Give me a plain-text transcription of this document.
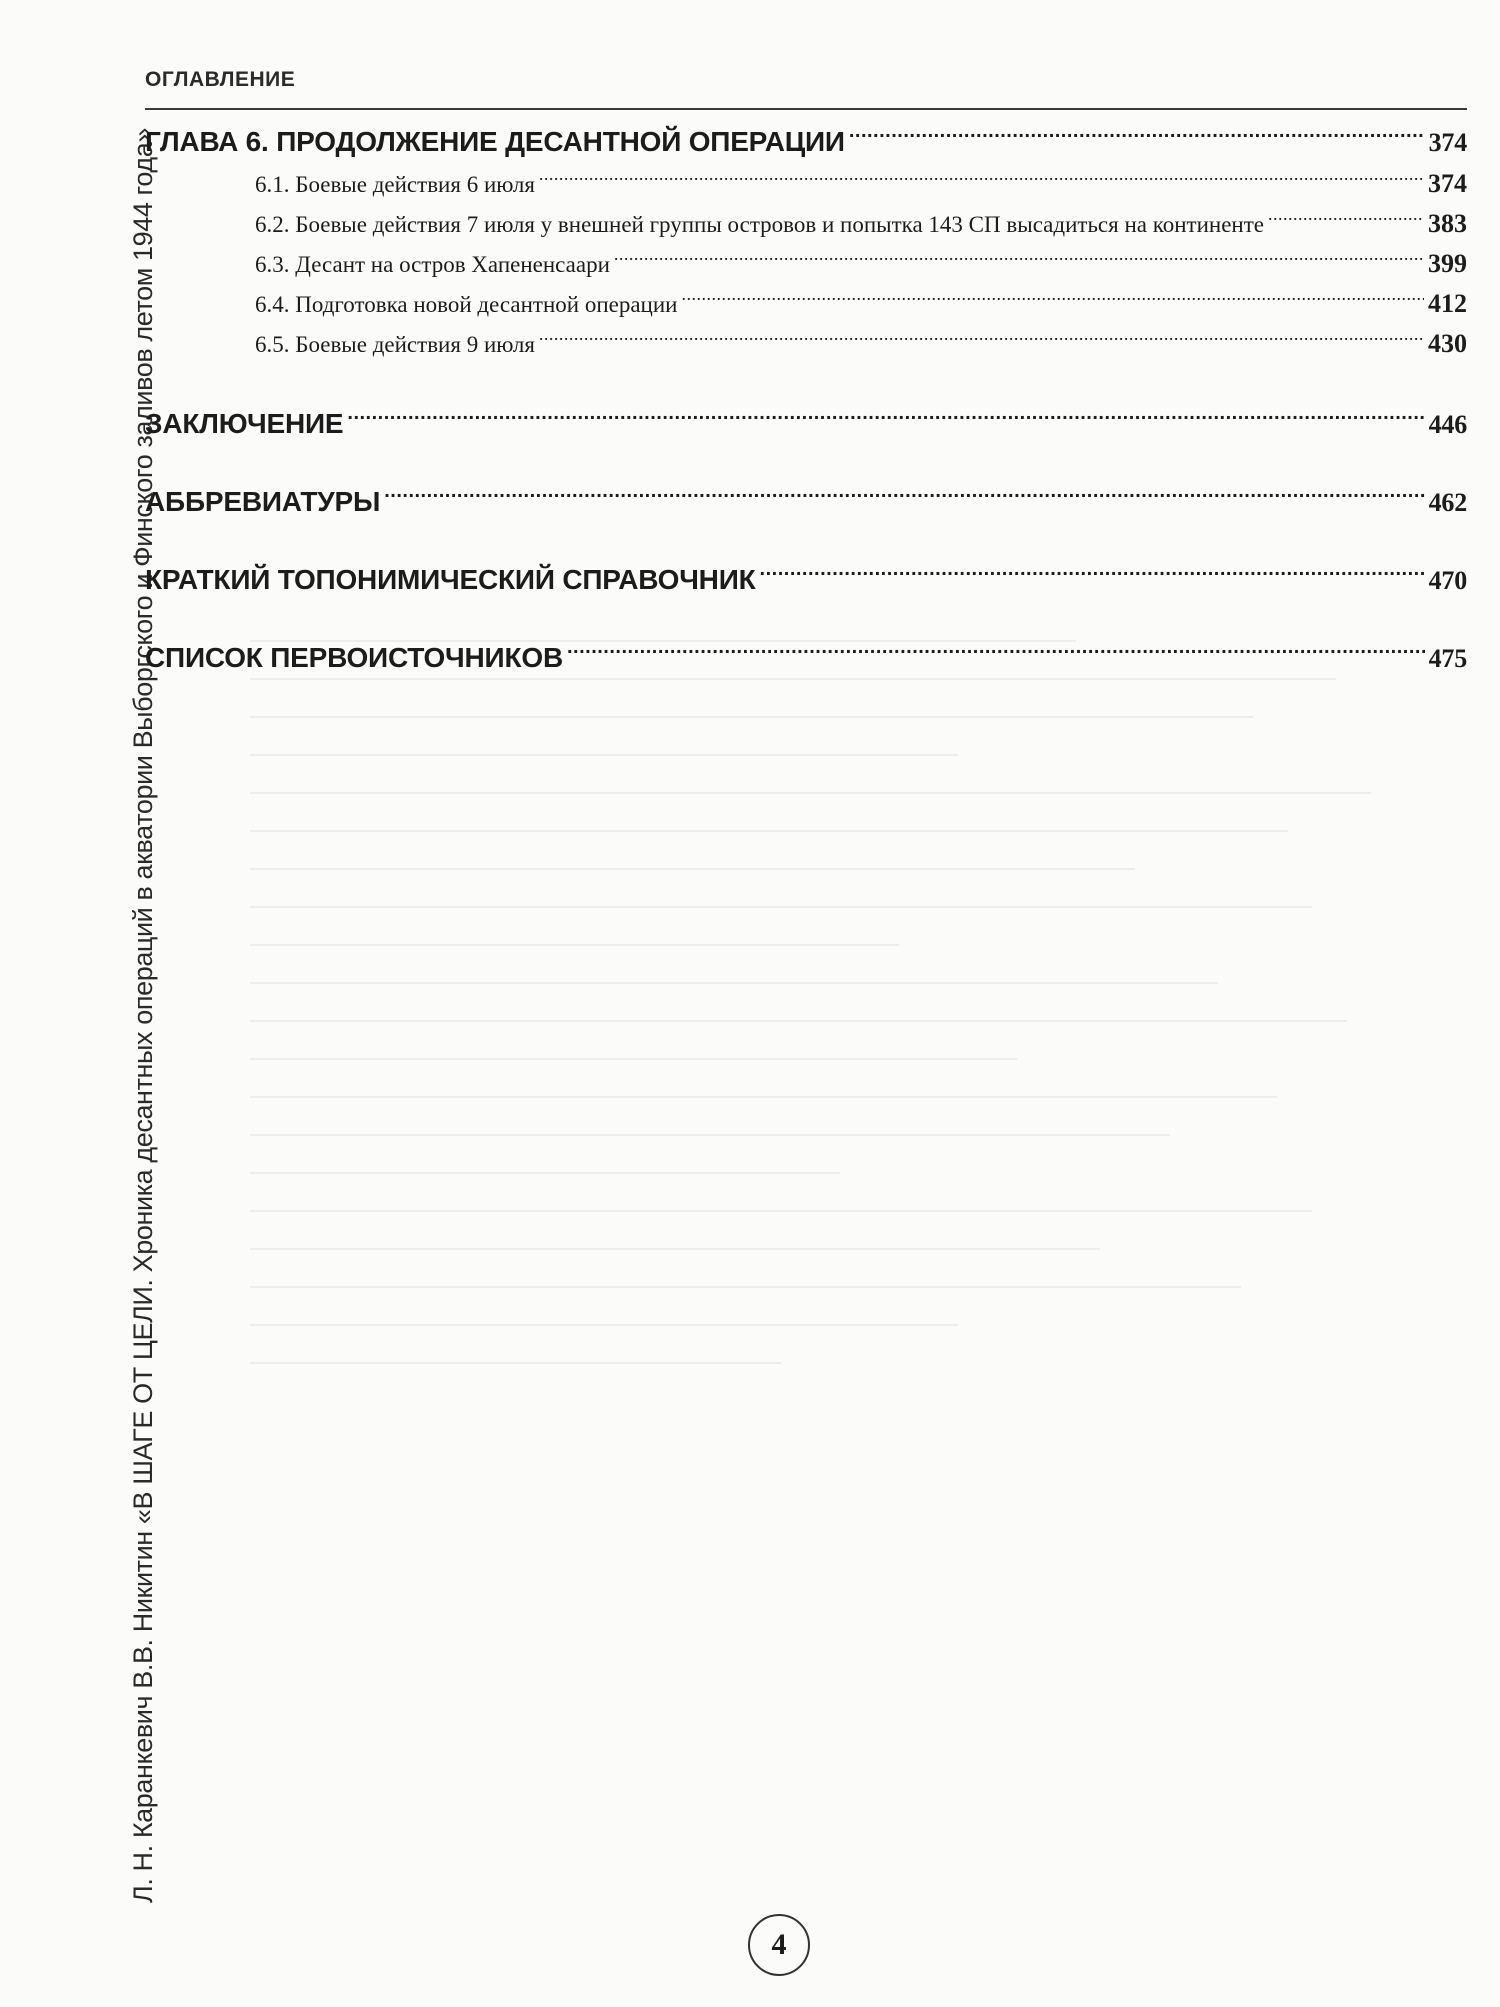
Л. Н. Каранкевич В.В. Никитин «В ШАГЕ ОТ ЦЕЛИ. Хроника десантных операций в акватории Выборгского и Финского заливов летом 1944 года»
ОГЛАВЛЕНИЕ
ГЛАВА 6. ПРОДОЛЖЕНИЕ ДЕСАНТНОЙ ОПЕРАЦИИ .....	374
6.1. Боевые действия 6 июля .....	374
6.2. Боевые действия 7 июля у внешней группы островов и попытка 143 СП высадиться на континенте .....	383
6.3. Десант на остров Хапененсаари .....	399
6.4. Подготовка новой десантной операции .....	412
6.5. Боевые действия 9 июля .....	430
ЗАКЛЮЧЕНИЕ .....	446
АББРЕВИАТУРЫ .....	462
КРАТКИЙ ТОПОНИМИЧЕСКИЙ СПРАВОЧНИК .....	470
СПИСОК ПЕРВОИСТОЧНИКОВ .....	475
4
